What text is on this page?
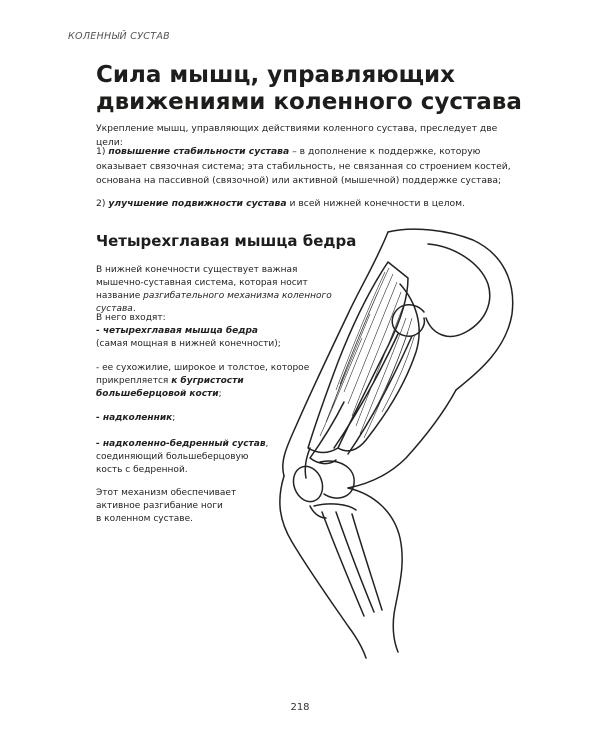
КОЛЕННЫЙ СУСТАВ
Сила мышц, управляющих
движениями коленного сустава

Укрепление мышц, управляющих действиями коленного сустава, преследует две цели:

1) повышение стабильности сустава – в дополнение к поддержке, которую оказывает связочная система; эта стабильность, не связанная со строением костей, основана на пассивной (связочной) или активной (мышечной) поддержке сустава;

2) улучшение подвижности сустава и всей нижней конечности в целом.

Четырехглавая мышца бедра

В нижней конечности существует важная мышечно-суставная система, которая носит название разгибательного механизма коленного сустава.

В него входят:
- четырехглавая мышца бедра
(самая мощная в нижней конечности);

- ее сухожилие, широкое и толстое, которое прикрепляется к бугристости большеберцовой кости;

- надколенник;

- надколенно-бедренный сустав,
соединяющий большеберцовую
кость с бедренной.

Этот механизм обеспечивает
активное разгибание ноги
в коленном суставе.

218
